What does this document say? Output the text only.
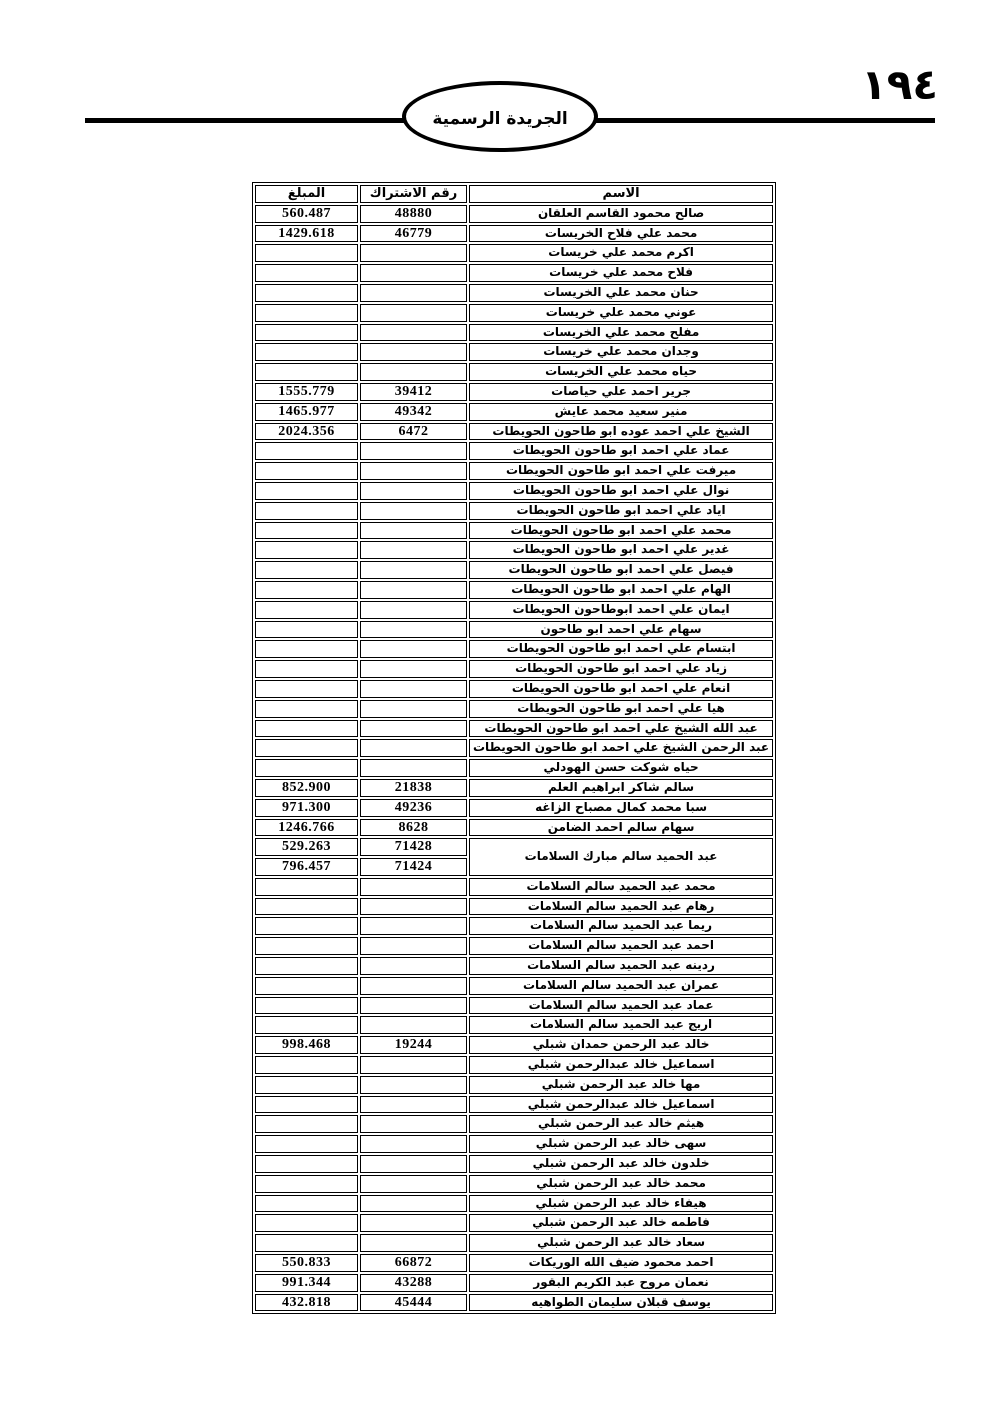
١٩٤
الجريدة الرسمية
الاسم	رقم الاشتراك	المبلغ
صالح محمود القاسم العلقان	48880	560.487
محمد علي فلاح الخريسات	46779	1429.618
اكرم محمد علي خريسات		
فلاح محمد علي خريسات		
حنان محمد علي الخريسات		
عوني محمد علي خريسات		
مفلح محمد علي الخريسات		
وجدان محمد علي خريسات		
حياه محمد علي الخريسات		
جرير احمد علي حياصات	39412	1555.779
منير سعيد محمد عايش	49342	1465.977
الشيخ علي احمد عوده ابو طاحون الحويطات	6472	2024.356
عماد علي احمد ابو طاحون الحويطات		
ميرفت علي احمد ابو طاحون الحويطات		
نوال علي احمد ابو طاحون الحويطات		
اياد علي احمد ابو طاحون الحويطات		
محمد علي احمد ابو طاحون الحويطات		
غدير علي احمد ابو طاحون الحويطات		
فيصل علي احمد ابو طاحون الحويطات		
الهام علي احمد ابو طاحون الحويطات		
ايمان علي احمد ابوطاحون الحويطات		
سهام علي احمد ابو طاحون		
ابتسام علي احمد ابو طاحون الحويطات		
زياد علي احمد ابو طاحون الحويطات		
انعام علي احمد ابو طاحون الحويطات		
هيا علي احمد ابو طاحون الحويطات		
عبد الله الشيخ علي احمد ابو طاحون الحويطات		
عبد الرحمن الشيخ علي احمد ابو طاحون الحويطات		
حياه شوكت حسن الهودلي		
سالم شاكر ابراهيم العلم	21838	852.900
سبا محمد كمال مصباح الزاغه	49236	971.300
سهام سالم احمد الضامن	8628	1246.766
عبد الحميد سالم مبارك السلامات	71428	529.263
	71424	796.457
محمد عبد الحميد سالم السلامات		
رهام عبد الحميد سالم السلامات		
ريما عبد الحميد سالم السلامات		
احمد عبد الحميد سالم السلامات		
ردينه عبد الحميد سالم السلامات		
عمران عبد الحميد سالم السلامات		
عماد عبد الحميد سالم السلامات		
اريج عبد الحميد سالم السلامات		
خالد عبد الرحمن حمدان شبلي	19244	998.468
اسماعيل خالد عبدالرحمن شبلي		
مها خالد عبد الرحمن شبلي		
اسماعيل خالد عبدالرحمن شبلي		
هيثم خالد عبد الرحمن شبلي		
سهى خالد عبد الرحمن شبلي		
خلدون خالد عبد الرحمن شبلي		
محمد خالد عبد الرحمن شبلي		
هيفاء خالد عبد الرحمن شبلي		
فاطمه خالد عبد الرحمن شبلي		
سعاد خالد عبد الرحمن شبلي		
احمد محمود ضيف الله الوريكات	66872	550.833
نعمان مروح عبد الكريم البقور	43288	991.344
يوسف قبلان سليمان الطواهيه	45444	432.818
